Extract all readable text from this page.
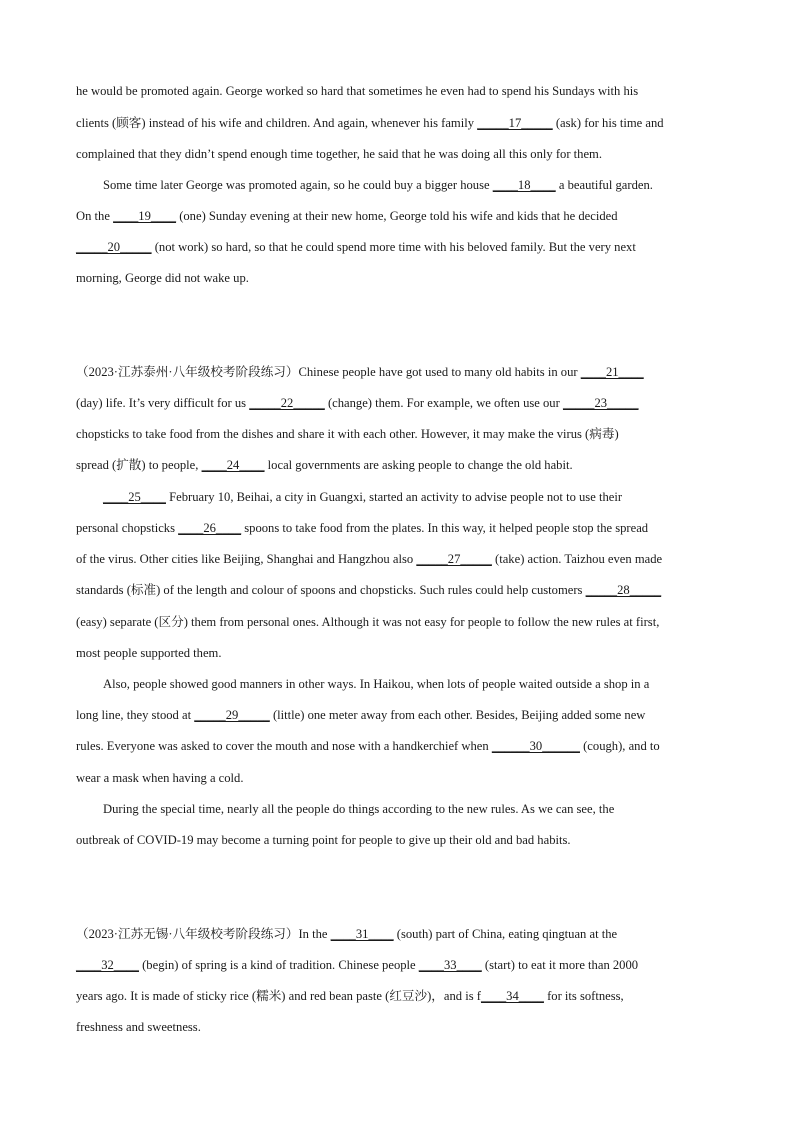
he would be promoted again. George worked so hard that sometimes he even had to spend his Sundays with his
clients (顾客) instead of his wife and children. And again, whenever his family _____17_____ (ask) for his time and
complained that they didn’t spend enough time together, he said that he was doing all this only for them.
Some time later George was promoted again, so he could buy a bigger house ____18____ a beautiful garden.
On the ____19____ (one) Sunday evening at their new home, George told his wife and kids that he decided
_____20_____ (not work) so hard, so that he could spend more time with his beloved family. But the very next
morning, George did not wake up.
（2023·江苏泰州·八年级校考阶段练习）Chinese people have got used to many old habits in our ____21____
(day) life. It’s very difficult for us _____22_____ (change) them. For example, we often use our _____23_____
chopsticks to take food from the dishes and share it with each other. However, it may make the virus (病毒)
spread (扩散) to people, ____24____ local governments are asking people to change the old habit.
____25____ February 10, Beihai, a city in Guangxi, started an activity to advise people not to use their
personal chopsticks ____26____ spoons to take food from the plates. In this way, it helped people stop the spread
of the virus. Other cities like Beijing, Shanghai and Hangzhou also _____27_____ (take) action. Taizhou even made
standards (标准) of the length and colour of spoons and chopsticks. Such rules could help customers _____28_____
(easy) separate (区分) them from personal ones. Although it was not easy for people to follow the new rules at first,
most people supported them.
Also, people showed good manners in other ways. In Haikou, when lots of people waited outside a shop in a
long line, they stood at _____29_____ (little) one meter away from each other. Besides, Beijing added some new
rules. Everyone was asked to cover the mouth and nose with a handkerchief when ______30______ (cough), and to
wear a mask when having a cold.
During the special time, nearly all the people do things according to the new rules. As we can see, the
outbreak of COVID-19 may become a turning point for people to give up their old and bad habits.
（2023·江苏无锡·八年级校考阶段练习）In the ____31____ (south) part of China, eating qingtuan at the
____32____ (begin) of spring is a kind of tradition. Chinese people ____33____ (start) to eat it more than 2000
years ago. It is made of sticky rice (糯米) and red bean paste (红豆沙)，and is f____34____ for its softness,
freshness and sweetness.
